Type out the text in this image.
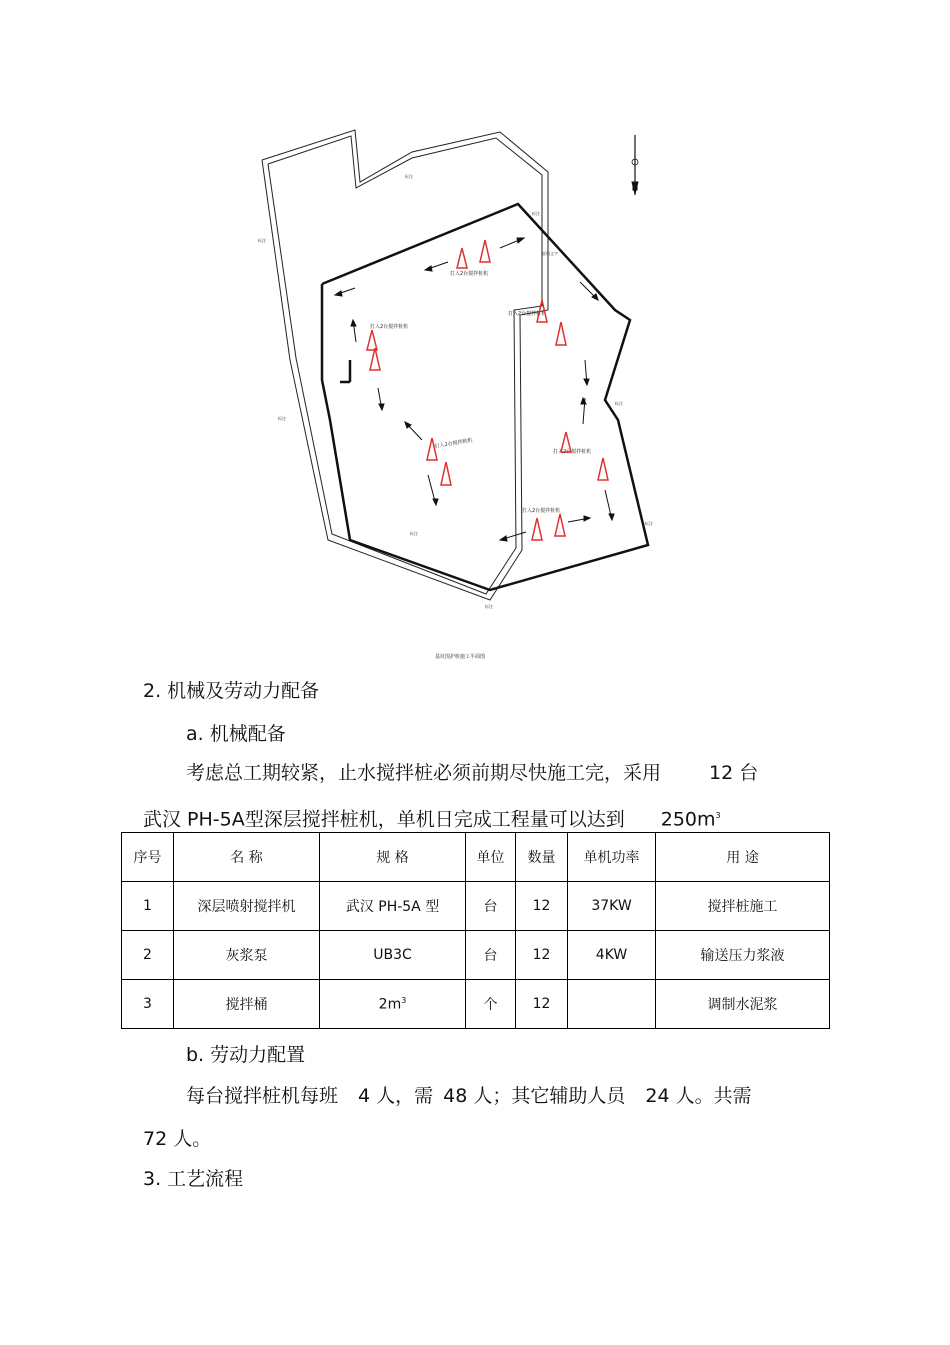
标注
标注
标注
说明文字
标注
标注
标注
标注
标注
打入2台搅拌桩机
打入2台搅拌桩机
打入2台搅拌桩机
打入2台搅拌桩机
打入2台搅拌桩机
打入2台搅拌桩机
基坑围护桩施工平面图
2. 机械及劳动力配备
a. 机械配备
考虑总工期较紧，止水搅拌桩必须前期尽快施工完，采用	12 台
武汉 PH-5A型深层搅拌桩机，单机日完成工程量可以达到 $250m^3$
序号	名 称	规 格	单位	数量	单机功率	用 途
1	深层喷射搅拌机	武汉 PH-5A 型	台	12	37KW	搅拌桩施工
2	灰浆泵	UB3C	台	12	4KW	输送压力浆液
3	搅拌桶	$2m^3$	个	12		调制水泥浆
b. 劳动力配置
每台搅拌桩机每班 4 人，需 48 人；其它辅助人员 24 人。共需
72 人。
3. 工艺流程
